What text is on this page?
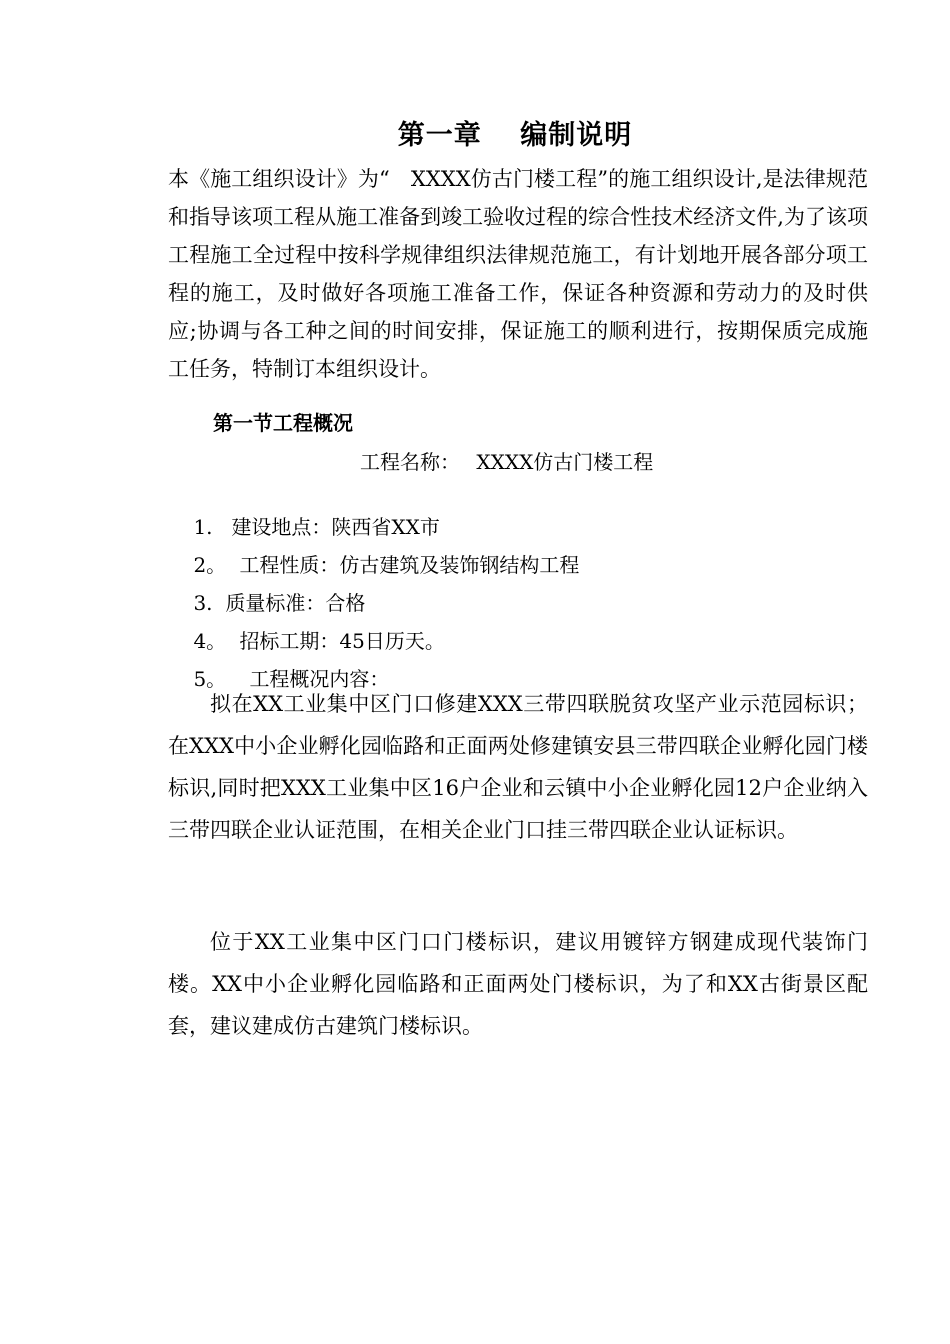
第一章　 编制说明

本《施工组织设计》为“　XXXX仿古门楼工程”的施工组织设计,是法律规范和指导该项工程从施工准备到竣工验收过程的综合性技术经济文件,为了该项工程施工全过程中按科学规律组织法律规范施工，有计划地开展各部分项工程的施工，及时做好各项施工准备工作，保证各种资源和劳动力的及时供应;协调与各工种之间的时间安排，保证施工的顺利进行，按期保质完成施工任务，特制订本组织设计。

第一节工程概况
工程名称：　 XXXX仿古门楼工程

1. 建设地点：陕西省XX市

2。 工程性质：仿古建筑及装饰钢结构工程

3. 质量标准：合格

4。 招标工期：45日历天。

5。 工程概况内容：

拟在XX工业集中区门口修建XXX三带四联脱贫攻坚产业示范园标识；在XXX中小企业孵化园临路和正面两处修建镇安县三带四联企业孵化园门楼标识,同时把XXX工业集中区16户企业和云镇中小企业孵化园12户企业纳入三带四联企业认证范围，在相关企业门口挂三带四联企业认证标识。

位于XX工业集中区门口门楼标识，建议用镀锌方钢建成现代装饰门楼。XX中小企业孵化园临路和正面两处门楼标识，为了和XX古街景区配套，建议建成仿古建筑门楼标识。
